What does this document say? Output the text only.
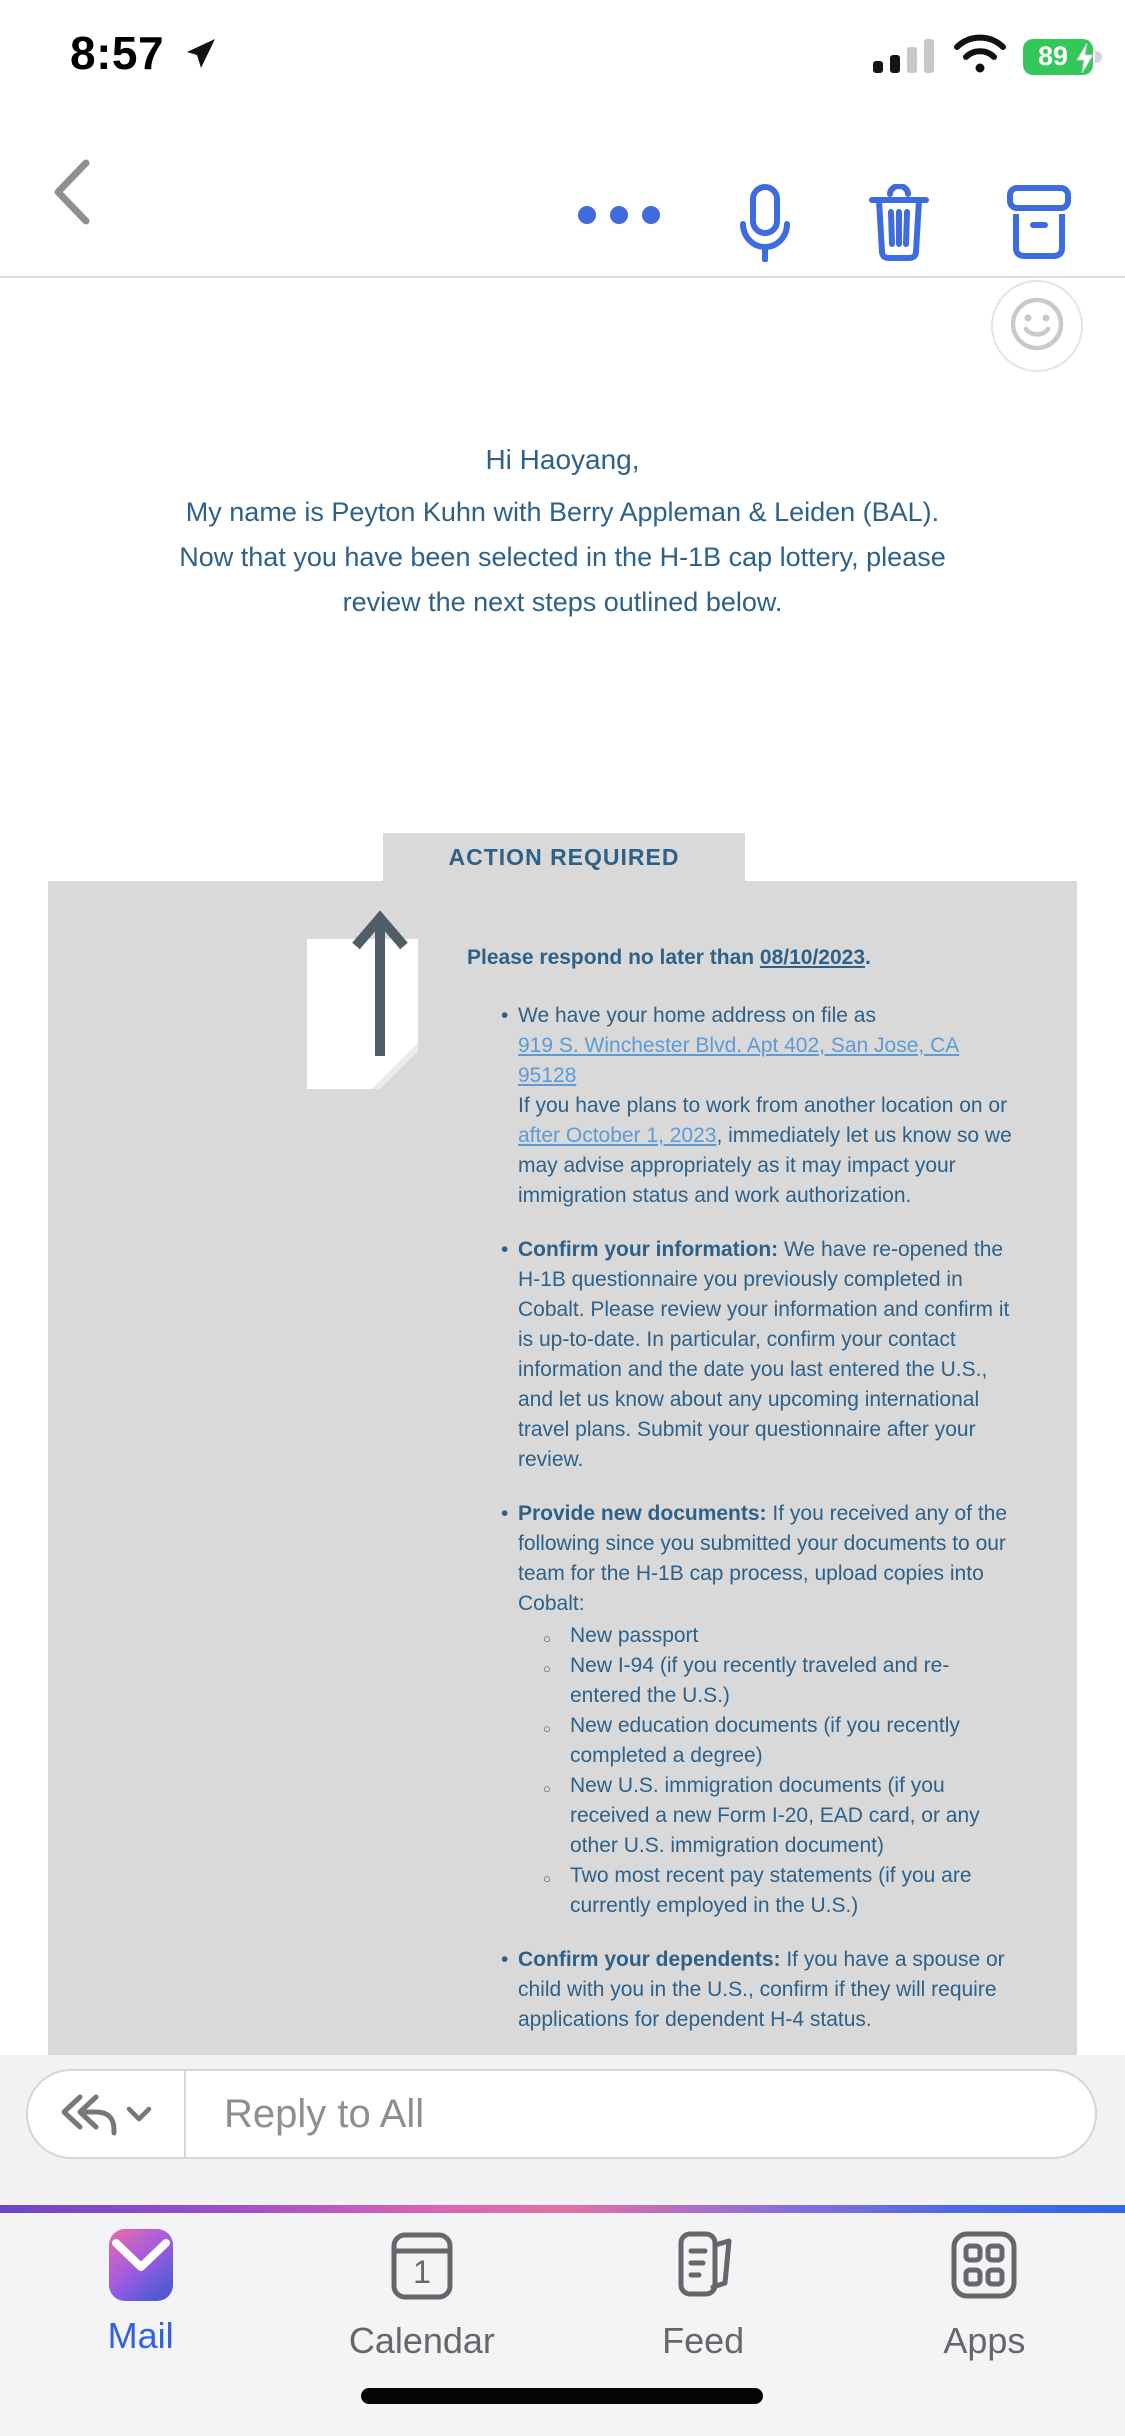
8:57	89
Hi Haoyang,
My name is Peyton Kuhn with Berry Appleman & Leiden (BAL).
Now that you have been selected in the H-1B cap lottery, please
review the next steps outlined below.
ACTION REQUIRED
Please respond no later than 08/10/2023.
• We have your home address on file as
919 S. Winchester Blvd. Apt 402, San Jose, CA
95128
If you have plans to work from another location on or after October 1, 2023, immediately let us know so we may advise appropriately as it may impact your immigration status and work authorization.
• Confirm your information: We have re-opened the H-1B questionnaire you previously completed in Cobalt. Please review your information and confirm it is up-to-date. In particular, confirm your contact information and the date you last entered the U.S., and let us know about any upcoming international travel plans. Submit your questionnaire after your review.
• Provide new documents: If you received any of the following since you submitted your documents to our team for the H-1B cap process, upload copies into Cobalt:
○ New passport
○ New I-94 (if you recently traveled and re-entered the U.S.)
○ New education documents (if you recently completed a degree)
○ New U.S. immigration documents (if you received a new Form I-20, EAD card, or any other U.S. immigration document)
○ Two most recent pay statements (if you are currently employed in the U.S.)
• Confirm your dependents: If you have a spouse or child with you in the U.S., confirm if they will require applications for dependent H-4 status.
Reply to All
Mail
1
Calendar	Feed	Apps
